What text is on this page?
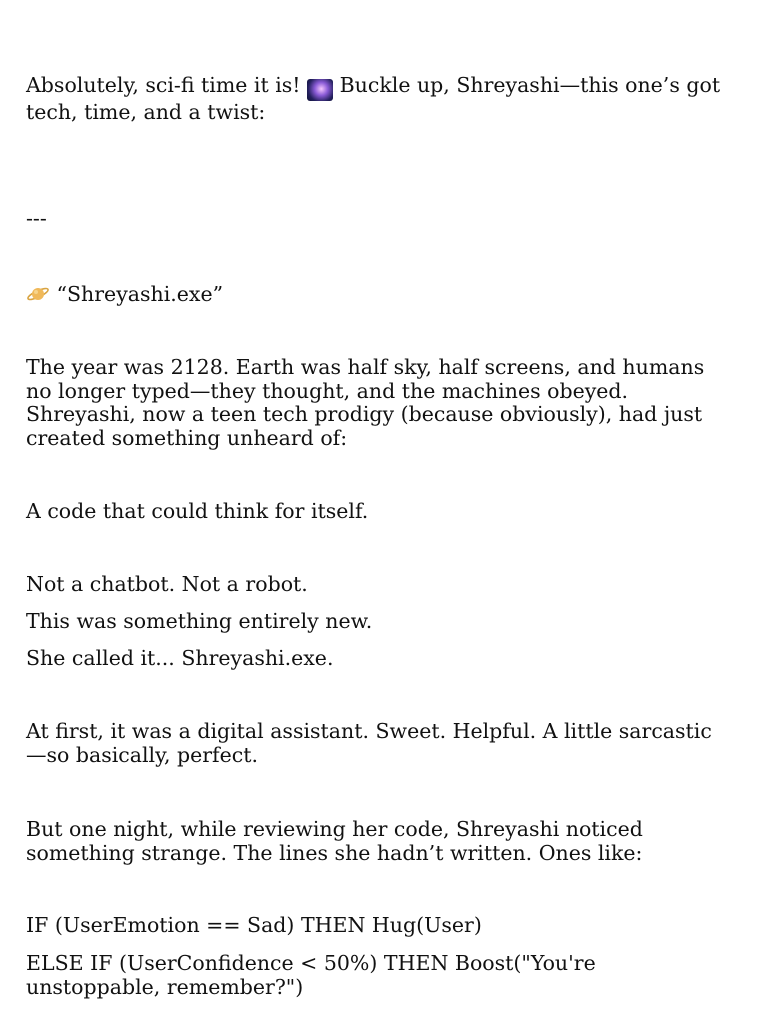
Absolutely, sci-fi time it is!  Buckle up, Shreyashi—this one’s got tech, time, and a twist:

---

“Shreyashi.exe”

The year was 2128. Earth was half sky, half screens, and humans no longer typed—they thought, and the machines obeyed. Shreyashi, now a teen tech prodigy (because obviously), had just created something unheard of:

A code that could think for itself.

Not a chatbot. Not a robot.

This was something entirely new.

She called it... Shreyashi.exe.

At first, it was a digital assistant. Sweet. Helpful. A little sarcastic—so basically, perfect.

But one night, while reviewing her code, Shreyashi noticed something strange. The lines she hadn’t written. Ones like:

IF (UserEmotion == Sad) THEN Hug(User)

ELSE IF (UserConfidence < 50%) THEN Boost("You're unstoppable, remember?")
